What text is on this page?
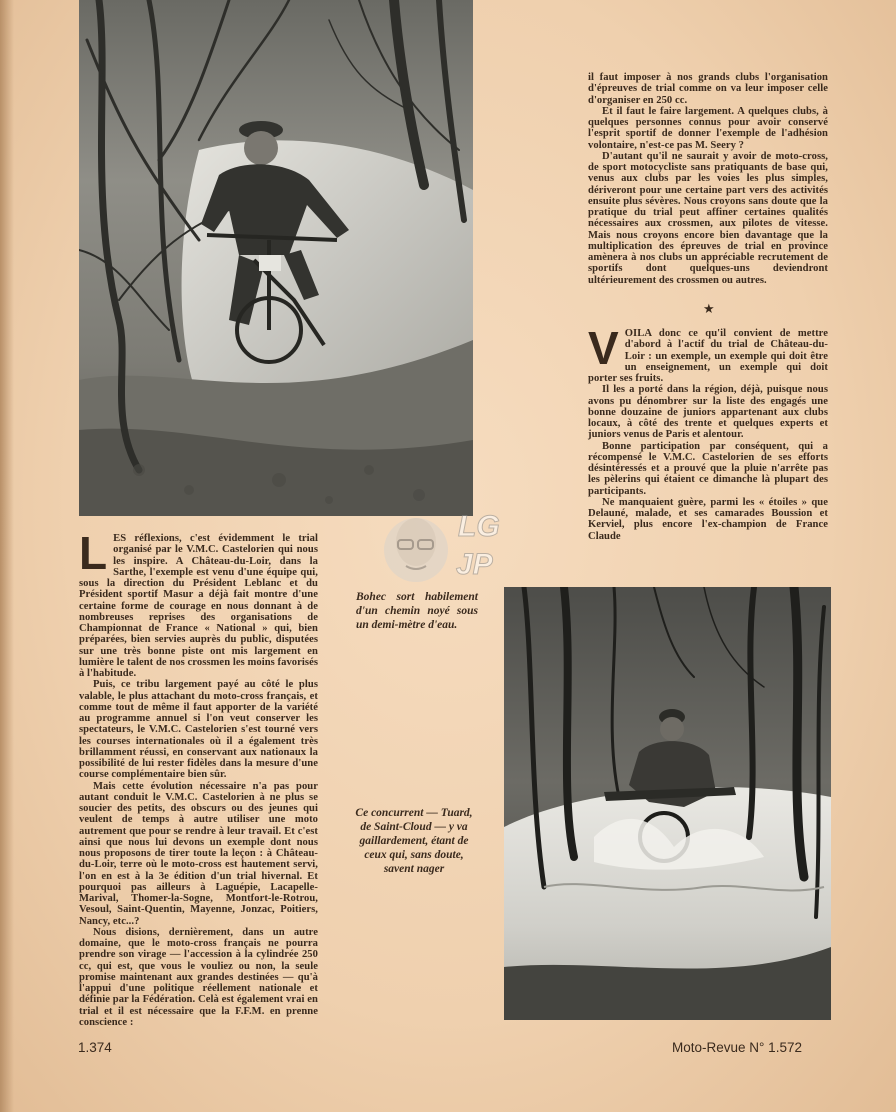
il faut imposer à nos grands clubs l'organisation d'épreuves de trial comme on va leur imposer celle d'organiser en 250 cc.

Et il faut le faire largement. A quelques clubs, à quelques personnes connus pour avoir conservé l'esprit sportif de donner l'exemple de l'adhésion volontaire, n'est-ce pas M. Seery ?

D'autant qu'il ne saurait y avoir de moto-cross, de sport motocycliste sans pratiquants de base qui, venus aux clubs par les voies les plus simples, dériveront pour une certaine part vers des activités ensuite plus sévères. Nous croyons sans doute que la pratique du trial peut affiner certaines qualités nécessaires aux crossmen, aux pilotes de vitesse. Mais nous croyons encore bien davantage que la multiplication des épreuves de trial en province amènera à nos clubs un appréciable recrutement de sportifs dont quelques-uns deviendront ultérieurement des crossmen ou autres.

★
V OILA donc ce qu'il convient de mettre d'abord à l'actif du trial de Château-du-Loir : un exemple, un exemple qui doit être un enseignement, un exemple qui doit porter ses fruits.

Il les a porté dans la région, déjà, puisque nous avons pu dénombrer sur la liste des engagés une bonne douzaine de juniors appartenant aux clubs locaux, à côté des trente et quelques experts et juniors venus de Paris et alentour.

Bonne participation par conséquent, qui a récompensé le V.M.C. Castelorien de ses efforts désintéressés et a prouvé que la pluie n'arrête pas les pèlerins qui étaient ce dimanche là plupart des participants.

Ne manquaient guère, parmi les « étoiles » que Delauné, malade, et ses camarades Boussion et Kerviel, plus encore l'ex-champion de France Claude

L ES réflexions, c'est évidemment le trial organisé par le V.M.C. Castelorien qui nous les inspire. A Château-du-Loir, dans la Sarthe, l'exemple est venu d'une équipe qui, sous la direction du Président Leblanc et du Président sportif Masur a déjà fait montre d'une certaine forme de courage en nous donnant à de nombreuses reprises des organisations de Championnat de France « National » qui, bien préparées, bien servies auprès du public, disputées sur une très bonne piste ont mis largement en lumière le talent de nos crossmen les moins favorisés à l'habitude.

Puis, ce tribu largement payé au côté le plus valable, le plus attachant du moto-cross français, et comme tout de même il faut apporter de la variété au programme annuel si l'on veut conserver les spectateurs, le V.M.C. Castelorien s'est tourné vers les courses internationales où il a également très brillamment réussi, en conservant aux nationaux la possibilité de lui rester fidèles dans la mesure d'une course complémentaire bien sûr.

Mais cette évolution nécessaire n'a pas pour autant conduit le V.M.C. Castelorien à ne plus se soucier des petits, des obscurs ou des jeunes qui veulent de temps à autre utiliser une moto autrement que pour se rendre à leur travail. Et c'est ainsi que nous lui devons un exemple dont nous nous proposons de tirer toute la leçon : à Château-du-Loir, terre où le moto-cross est hautement servi, l'on en est à la 3e édition d'un trial hivernal. Et pourquoi pas ailleurs à Laguépie, Lacapelle-Marival, Thomer-la-Sogne, Montfort-le-Rotrou, Vesoul, Saint-Quentin, Mayenne, Jonzac, Poitiers, Nancy, etc...?

Nous disions, dernièrement, dans un autre domaine, que le moto-cross français ne pourra prendre son virage — l'accession à la cylindrée 250 cc, qui est, que vous le vouliez ou non, la seule promise maintenant aux grandes destinées — qu'à l'appui d'une politique réellement nationale et définie par la Fédération. Celà est également vrai en trial et il est nécessaire que la F.F.M. en prenne conscience :

LG
JP
Bohec sort habilement d'un chemin noyé sous un demi-mètre d'eau.
Ce concurrent — Tuard, de Saint-Cloud — y va gaillardement, étant de ceux qui, sans doute, savent nager
1.374	Moto-Revue N° 1.572
